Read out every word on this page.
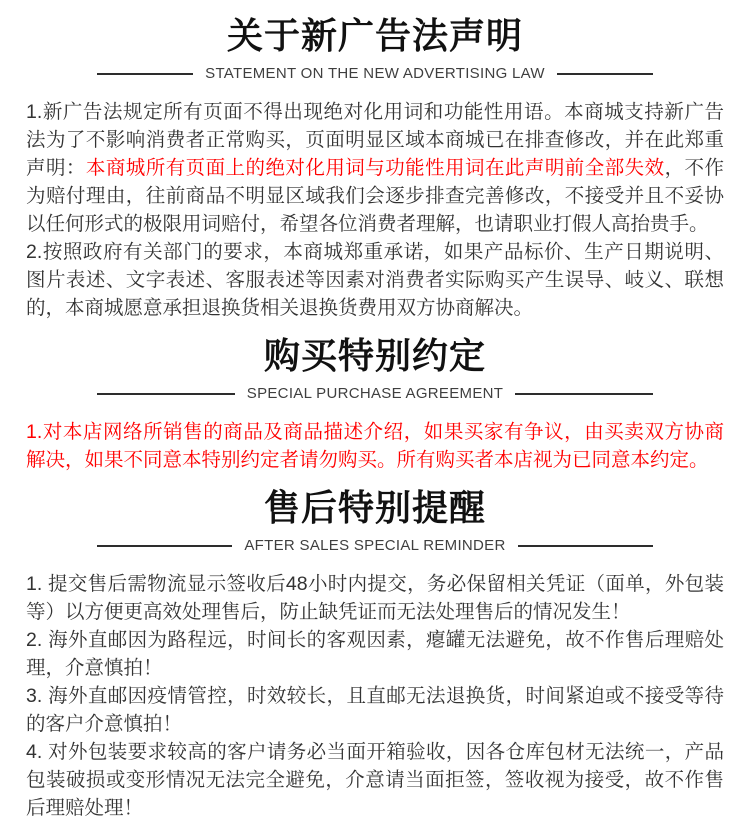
关于新广告法声明
STATEMENT ON THE NEW ADVERTISING LAW

1.新广告法规定所有页面不得出现绝对化用词和功能性用语。本商城支持新广告法为了不影响消费者正常购买，页面明显区域本商城已在排查修改，并在此郑重声明：本商城所有页面上的绝对化用词与功能性用词在此声明前全部失效，不作为赔付理由，往前商品不明显区域我们会逐步排查完善修改，不接受并且不妥协以任何形式的极限用词赔付，希望各位消费者理解，也请职业打假人高抬贵手。

2.按照政府有关部门的要求，本商城郑重承诺，如果产品标价、生产日期说明、图片表述、文字表述、客服表述等因素对消费者实际购买产生误导、岐义、联想的，本商城愿意承担退换货相关退换货费用双方协商解决。

购买特别约定
SPECIAL PURCHASE AGREEMENT

1.对本店网络所销售的商品及商品描述介绍，如果买家有争议，由买卖双方协商解决，如果不同意本特别约定者请勿购买。所有购买者本店视为已同意本约定。

售后特别提醒
AFTER SALES SPECIAL REMINDER

1. 提交售后需物流显示签收后48小时内提交，务必保留相关凭证（面单，外包装等）以方便更高效处理售后，防止缺凭证而无法处理售后的情况发生！

2. 海外直邮因为路程远，时间长的客观因素，瘪罐无法避免，故不作售后理赔处理，介意慎拍！

3. 海外直邮因疫情管控，时效较长，且直邮无法退换货，时间紧迫或不接受等待的客户介意慎拍！

4. 对外包装要求较高的客户请务必当面开箱验收，因各仓库包材无法统一，产品包装破损或变形情况无法完全避免，介意请当面拒签，签收视为接受，故不作售后理赔处理！
